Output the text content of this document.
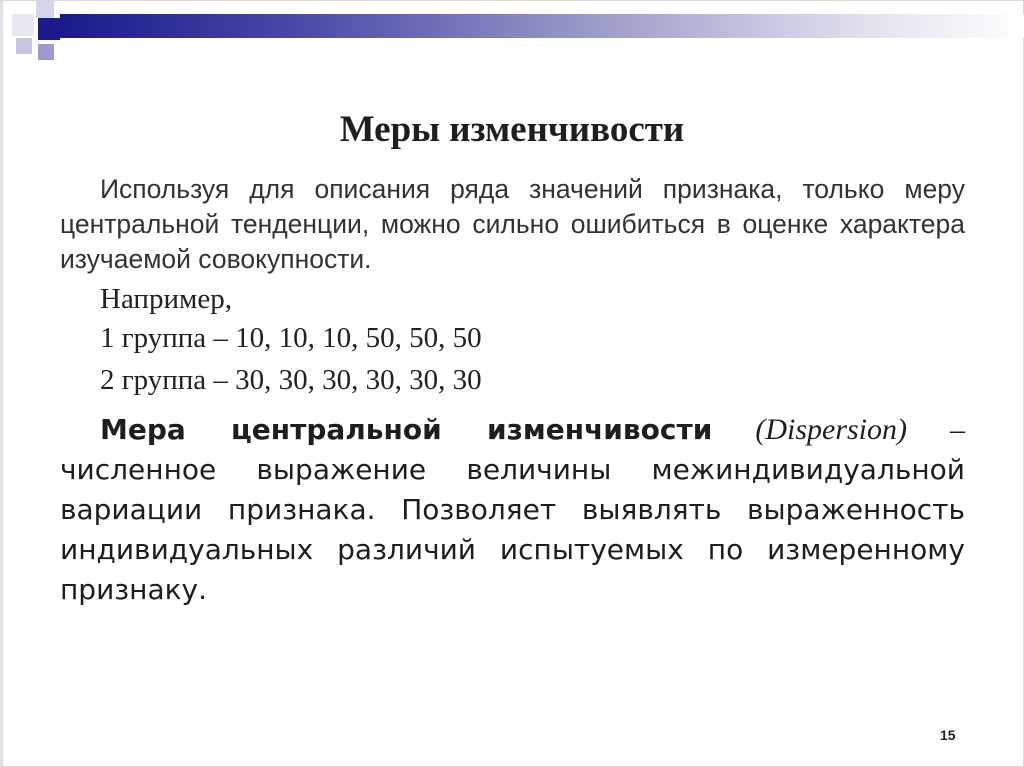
Меры изменчивости
Используя для описания ряда значений признака, только меру центральной тенденции, можно сильно ошибиться в оценке характера изучаемой совокупности.
Например,
1 группа – 10, 10, 10, 50, 50, 50
2 группа – 30, 30, 30, 30, 30, 30
Мера центральной изменчивости (Dispersion) – численное выражение величины межиндивидуальной вариации признака. Позволяет выявлять выраженность индивидуальных различий испытуемых по измеренному признаку.
15
